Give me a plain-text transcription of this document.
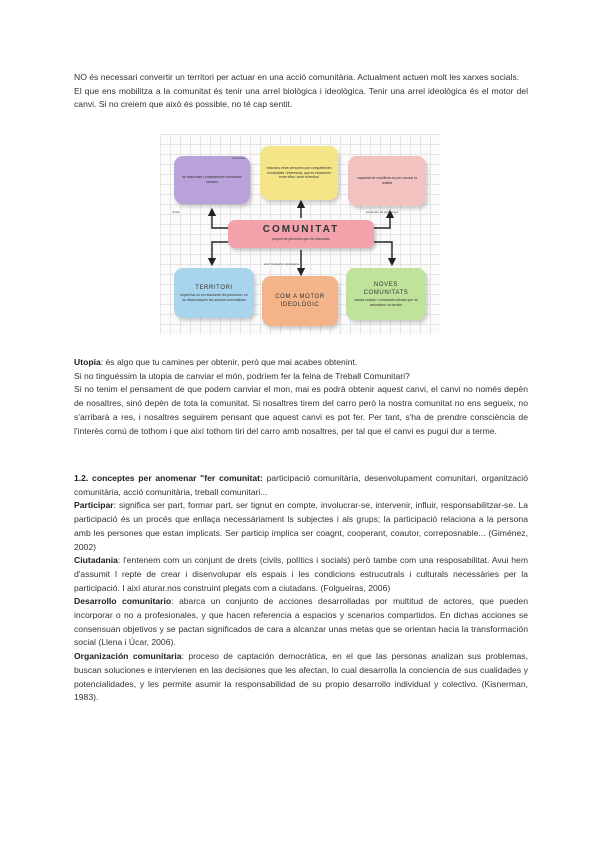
NO és necessari convertir un territori per actuar en una acció comunitària. Actualment actuen molt les xarxes socials.

El que ens mobilitza a la comunitat és tenir una arrel biològica i ideològica. Tenir una arrel ideològica és el motor del canvi. Si no creiem que això és possible, no té cap sentit.

es relacionen i comparteixen interessos comuns
relacions entre persones que comparteixen necessitats i interessos, que es relacionen entre elles i amb el territori	capacitat de mobilitzar-se per canviar la realitat
vincle	sentiment de pertinença
interessos
COMUNITAT
conjunt de persones que es relacionen
arrel biològica i ideològica
TERRITORI
espai físic on es relacionen les persones i on es desenvolupen les accions comunitàries	COM A MOTOR IDEOLÒGIC
NOVES COMUNITATS
xarxes socials i comunitats virtuals que no necessiten un territori

Utopia: és algo que tu camines per obtenir, però que mai acabes obtenint.

Si no tinguéssim la utopia de canviar el món, podríem fer la feina de Treball Comunitari?

Si no tenim el pensament de que podem canviar el mon, mai es podrà obtenir aquest canvi, el canvi no només depèn de nosaltres, sinó depèn de tota la comunitat. Si nosaltres tirem del carro però la nostra comunitat no ens segueix, no s'arribarà a res, i nosaltres seguirem pensant que aquest canvi es pot fer. Per tant, s'ha de prendre consciència de l'interès comú de tothom i que així tothom tiri del carro amb nosaltres, per tal que el canvi es pugui dur a terme.

1.2. conceptes per anomenar "fer comunitat: participació comunitària, desenvolupament comunitari, organització comunitària, acció comunitària, treball comunitari...

Participar: significa ser part, formar part, ser tignut en compte, involucrar-se, intervenir, influir, responsabilitzar-se. La participació és un procés que enllaça necessàriament ls subjectes i als grups; la participació relaciona a la persona amb les persones que estan implicats. Ser particip implica ser coagnt, cooperant, coautor, correposnable... (Giménez, 2002)

Ciutadania: l'entenem com un conjunt de drets (civils, polítics i socials) però tambe com una resposabilitat. Avui hem d'assumit l repte de crear i disenvolupar els espais i les condicions estrucutrals i culturals necessàries per la participació. I així aturar.nos construint plegats com a ciutadans. (Folgueiras, 2006)

Desarrollo comunitario: abarca un conjunto de acciones desarrolladas por multitud de actores, que pueden incorporar o no a profesionales, y que hacen referencia a espacios y scenarios compartidos. En dichas acciones se consensuan objetivos y se pactan significados de cara a alcanzar unas metas que se orientan hacia la transformación social (Llena i Úcar, 2006).

Organización comunitaria: proceso de captación democrática, en el que las personas analizan sus problemas, buscan soluciones e intervienen en las decisiones que les afectan, lo cual desarrolla la conciencia de sus cualidades y potencialidades, y les permite asumir la responsabilidad de su propio desarrollo individual y colectivo. (Kisnerman, 1983).
